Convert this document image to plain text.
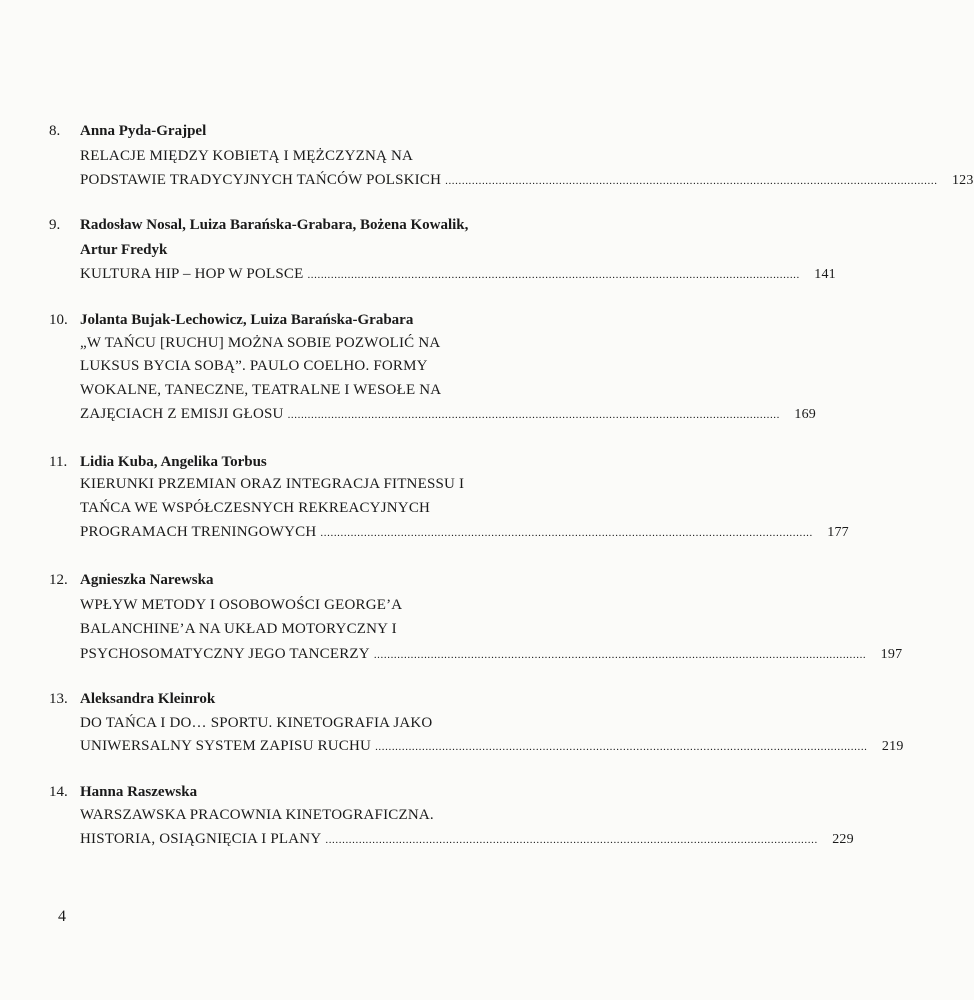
8. Anna Pyda-Grajpel
RELACJE MIĘDZY KOBIETĄ I MĘŻCZYZNĄ NA
PODSTAWIE TRADYCYJNYCH TAŃCÓW POLSKICH ...................................................................................................................................................	123
9. Radosław Nosal, Luiza Barańska-Grabara, Bożena Kowalik,
Artur Fredyk
KULTURA HIP – HOP W POLSCE ...................................................................................................................................................	141
10. Jolanta Bujak-Lechowicz, Luiza Barańska-Grabara
„W TAŃCU [RUCHU] MOŻNA SOBIE POZWOLIĆ NA
LUKSUS BYCIA SOBĄ”. PAULO COELHO. FORMY
WOKALNE, TANECZNE, TEATRALNE I WESOŁE NA
ZAJĘCIACH Z EMISJI GŁOSU ...................................................................................................................................................	169
11. Lidia Kuba, Angelika Torbus
KIERUNKI PRZEMIAN ORAZ INTEGRACJA FITNESSU I
TAŃCA WE WSPÓŁCZESNYCH REKREACYJNYCH
PROGRAMACH TRENINGOWYCH ...................................................................................................................................................	177
12. Agnieszka Narewska
WPŁYW METODY I OSOBOWOŚCI GEORGE’A
BALANCHINE’A NA UKŁAD MOTORYCZNY I
PSYCHOSOMATYCZNY JEGO TANCERZY ...................................................................................................................................................	197
13. Aleksandra Kleinrok
DO TAŃCA I DO… SPORTU. KINETOGRAFIA JAKO
UNIWERSALNY SYSTEM ZAPISU RUCHU ...................................................................................................................................................	219
14. Hanna Raszewska
WARSZAWSKA PRACOWNIA KINETOGRAFICZNA.
HISTORIA, OSIĄGNIĘCIA I PLANY ...................................................................................................................................................	229
4
